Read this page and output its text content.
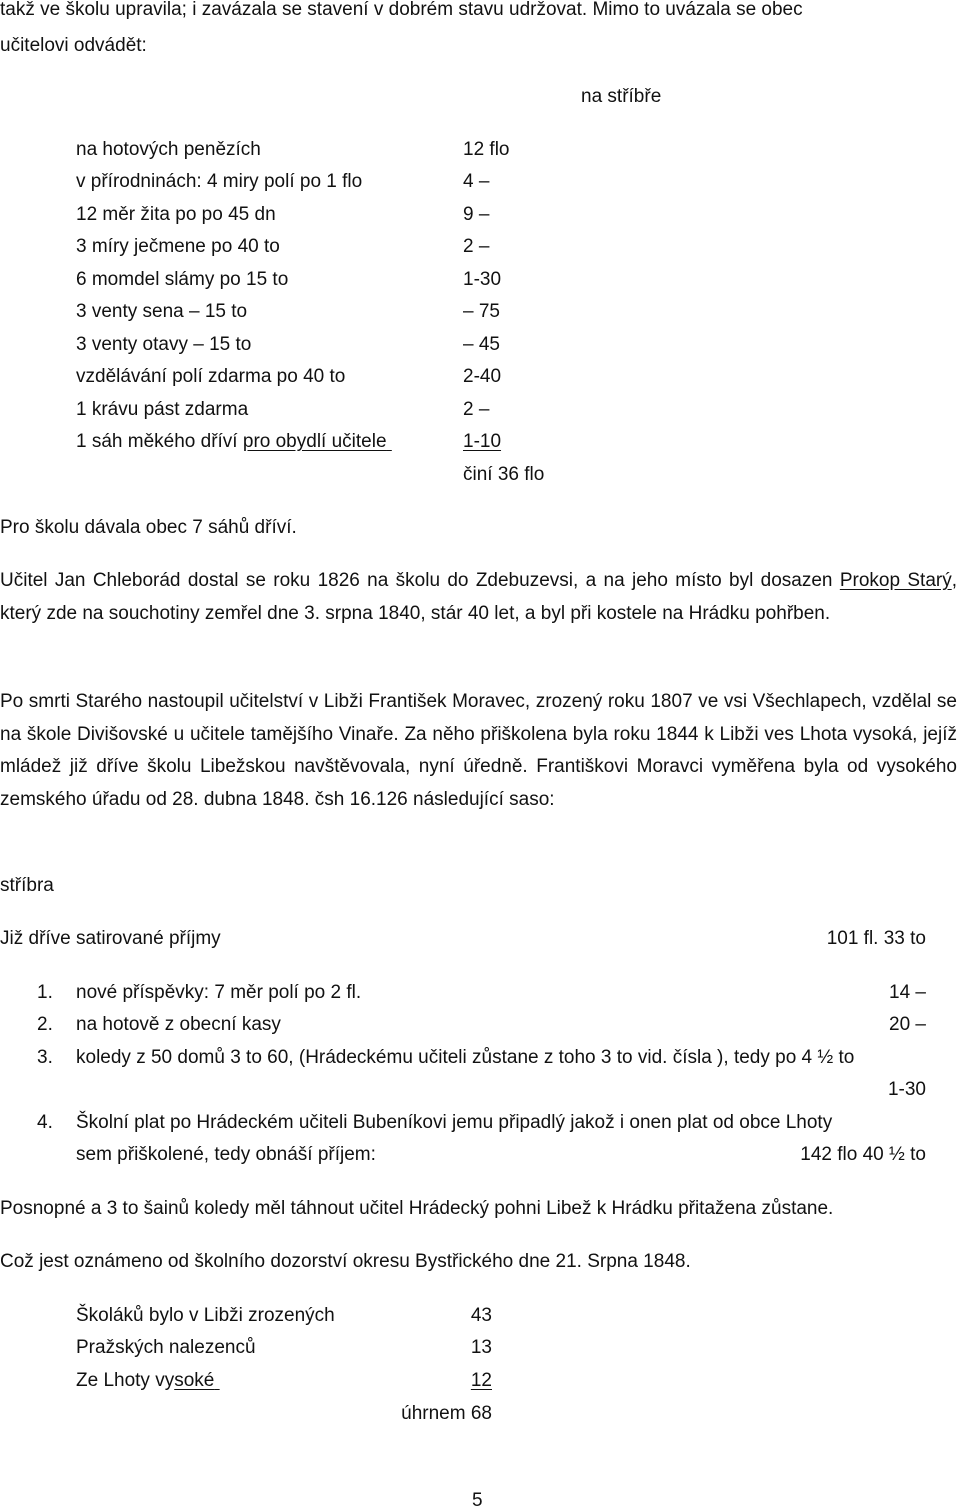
takž ve školu upravila; i zavázala se stavení v dobrém stavu udržovat. Mimo to uvázala se obec
učitelovi odvádět:
na stříbře
na hotových penězích	12 flo
v přírodninách: 4 miry polí po 1 flo	4 –
12 měr žita po po 45 dn	9 –
3 míry ječmene po 40 to	2 –
6 momdel slámy po 15 to	1-30
3 venty sena – 15 to	– 75
3 venty otavy – 15 to	– 45
vzdělávání polí zdarma po 40 to	2-40
1 krávu pást zdarma	2 –
1 sáh měkého dříví pro obydlí učitele	1-10
činí 36 flo
Pro školu dávala obec 7 sáhů dříví.
Učitel Jan Chleborád dostal se roku 1826 na školu do Zdebuzevsi, a na jeho místo byl dosazen Prokop Starý, který zde na souchotiny zemřel dne 3. srpna 1840, stár 40 let, a byl při kostele na Hrádku pohřben.
Po smrti Starého nastoupil učitelství v Libži František Moravec, zrozený roku 1807 ve vsi Všechlapech, vzdělal se na škole Divišovské u učitele tamějšího Vinaře. Za něho přiškolena byla roku 1844 k Libži ves Lhota vysoká, jejíž mládež již dříve školu Libežskou navštěvovala, nyní úředně. Františkovi Moravci vyměřena byla od vysokého zemského úřadu od 28. dubna 1848. čsh 16.126 následující saso:
stříbra
Již dříve satirované příjmy	101 fl. 33 to
1. nové příspěvky: 7 měr polí po 2 fl.	14 –
2. na hotově z obecní kasy	20 –
3. koledy z 50 domů 3 to 60, (Hrádeckému učiteli zůstane z toho 3 to vid. čísla ), tedy po 4 ½ to
1-30
4. Školní plat po Hrádeckém učiteli Bubeníkovi jemu připadlý jakož i onen plat od obce Lhoty
sem přiškolené, tedy obnáší příjem:	142 flo 40 ½ to
Posnopné a 3 to šainů koledy měl táhnout učitel Hrádecký pohni Libež k Hrádku přitažena zůstane.
Což jest oznámeno od školního dozorství okresu Bystřického dne 21. Srpna 1848.
Školáků bylo v Libži zrozených	43
Pražských nalezenců	13
Ze Lhoty vysoké	12
úhrnem 68
5
